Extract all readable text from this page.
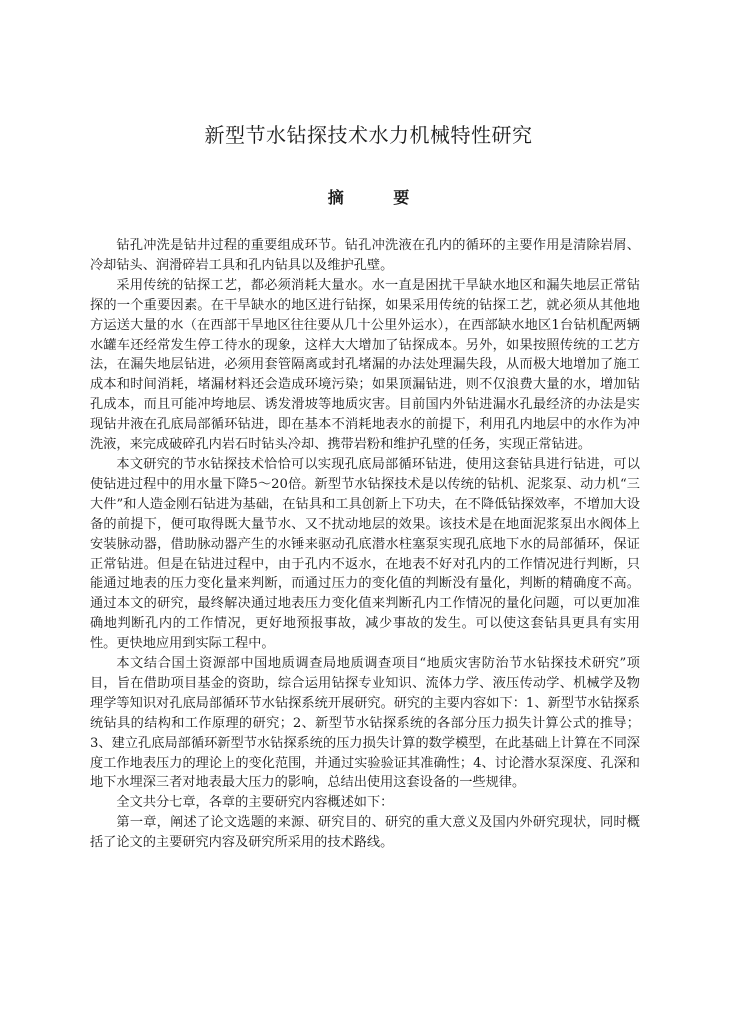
新型节水钻探技术水力机械特性研究
摘 要

钻孔冲洗是钻井过程的重要组成环节。钻孔冲洗液在孔内的循环的主要作用是清除岩屑、冷却钻头、润滑碎岩工具和孔内钻具以及维护孔壁。

采用传统的钻探工艺，都必须消耗大量水。水一直是困扰干旱缺水地区和漏失地层正常钻探的一个重要因素。在干旱缺水的地区进行钻探，如果采用传统的钻探工艺，就必须从其他地方运送大量的水（在西部干旱地区往往要从几十公里外运水），在西部缺水地区1台钻机配两辆水罐车还经常发生停工待水的现象，这样大大增加了钻探成本。另外，如果按照传统的工艺方法，在漏失地层钻进，必须用套管隔离或封孔堵漏的办法处理漏失段，从而极大地增加了施工成本和时间消耗，堵漏材料还会造成环境污染；如果顶漏钻进，则不仅浪费大量的水，增加钻孔成本，而且可能冲垮地层、诱发滑坡等地质灾害。目前国内外钻进漏水孔最经济的办法是实现钻井液在孔底局部循环钻进，即在基本不消耗地表水的前提下，利用孔内地层中的水作为冲洗液，来完成破碎孔内岩石时钻头冷却、携带岩粉和维护孔壁的任务，实现正常钻进。

本文研究的节水钻探技术恰恰可以实现孔底局部循环钻进，使用这套钻具进行钻进，可以使钻进过程中的用水量下降5～20倍。新型节水钻探技术是以传统的钻机、泥浆泵、动力机“三大件”和人造金刚石钻进为基础，在钻具和工具创新上下功夫，在不降低钻探效率，不增加大设备的前提下，便可取得既大量节水、又不扰动地层的效果。该技术是在地面泥浆泵出水阀体上安装脉动器，借助脉动器产生的水锤来驱动孔底潜水柱塞泵实现孔底地下水的局部循环，保证正常钻进。但是在钻进过程中，由于孔内不返水，在地表不好对孔内的工作情况进行判断，只能通过地表的压力变化量来判断，而通过压力的变化值的判断没有量化，判断的精确度不高。通过本文的研究，最终解决通过地表压力变化值来判断孔内工作情况的量化问题，可以更加准确地判断孔内的工作情况，更好地预报事故，减少事故的发生。可以使这套钻具更具有实用性。更快地应用到实际工程中。

本文结合国土资源部中国地质调查局地质调查项目“地质灾害防治节水钻探技术研究”项目，旨在借助项目基金的资助，综合运用钻探专业知识、流体力学、液压传动学、机械学及物理学等知识对孔底局部循环节水钻探系统开展研究。研究的主要内容如下：1、新型节水钻探系统钻具的结构和工作原理的研究；2、新型节水钻探系统的各部分压力损失计算公式的推导；3、建立孔底局部循环新型节水钻探系统的压力损失计算的数学模型，在此基础上计算在不同深度工作地表压力的理论上的变化范围，并通过实验验证其准确性；4、讨论潜水泵深度、孔深和地下水埋深三者对地表最大压力的影响，总结出使用这套设备的一些规律。

全文共分七章，各章的主要研究内容概述如下：

第一章，阐述了论文选题的来源、研究目的、研究的重大意义及国内外研究现状，同时概括了论文的主要研究内容及研究所采用的技术路线。
